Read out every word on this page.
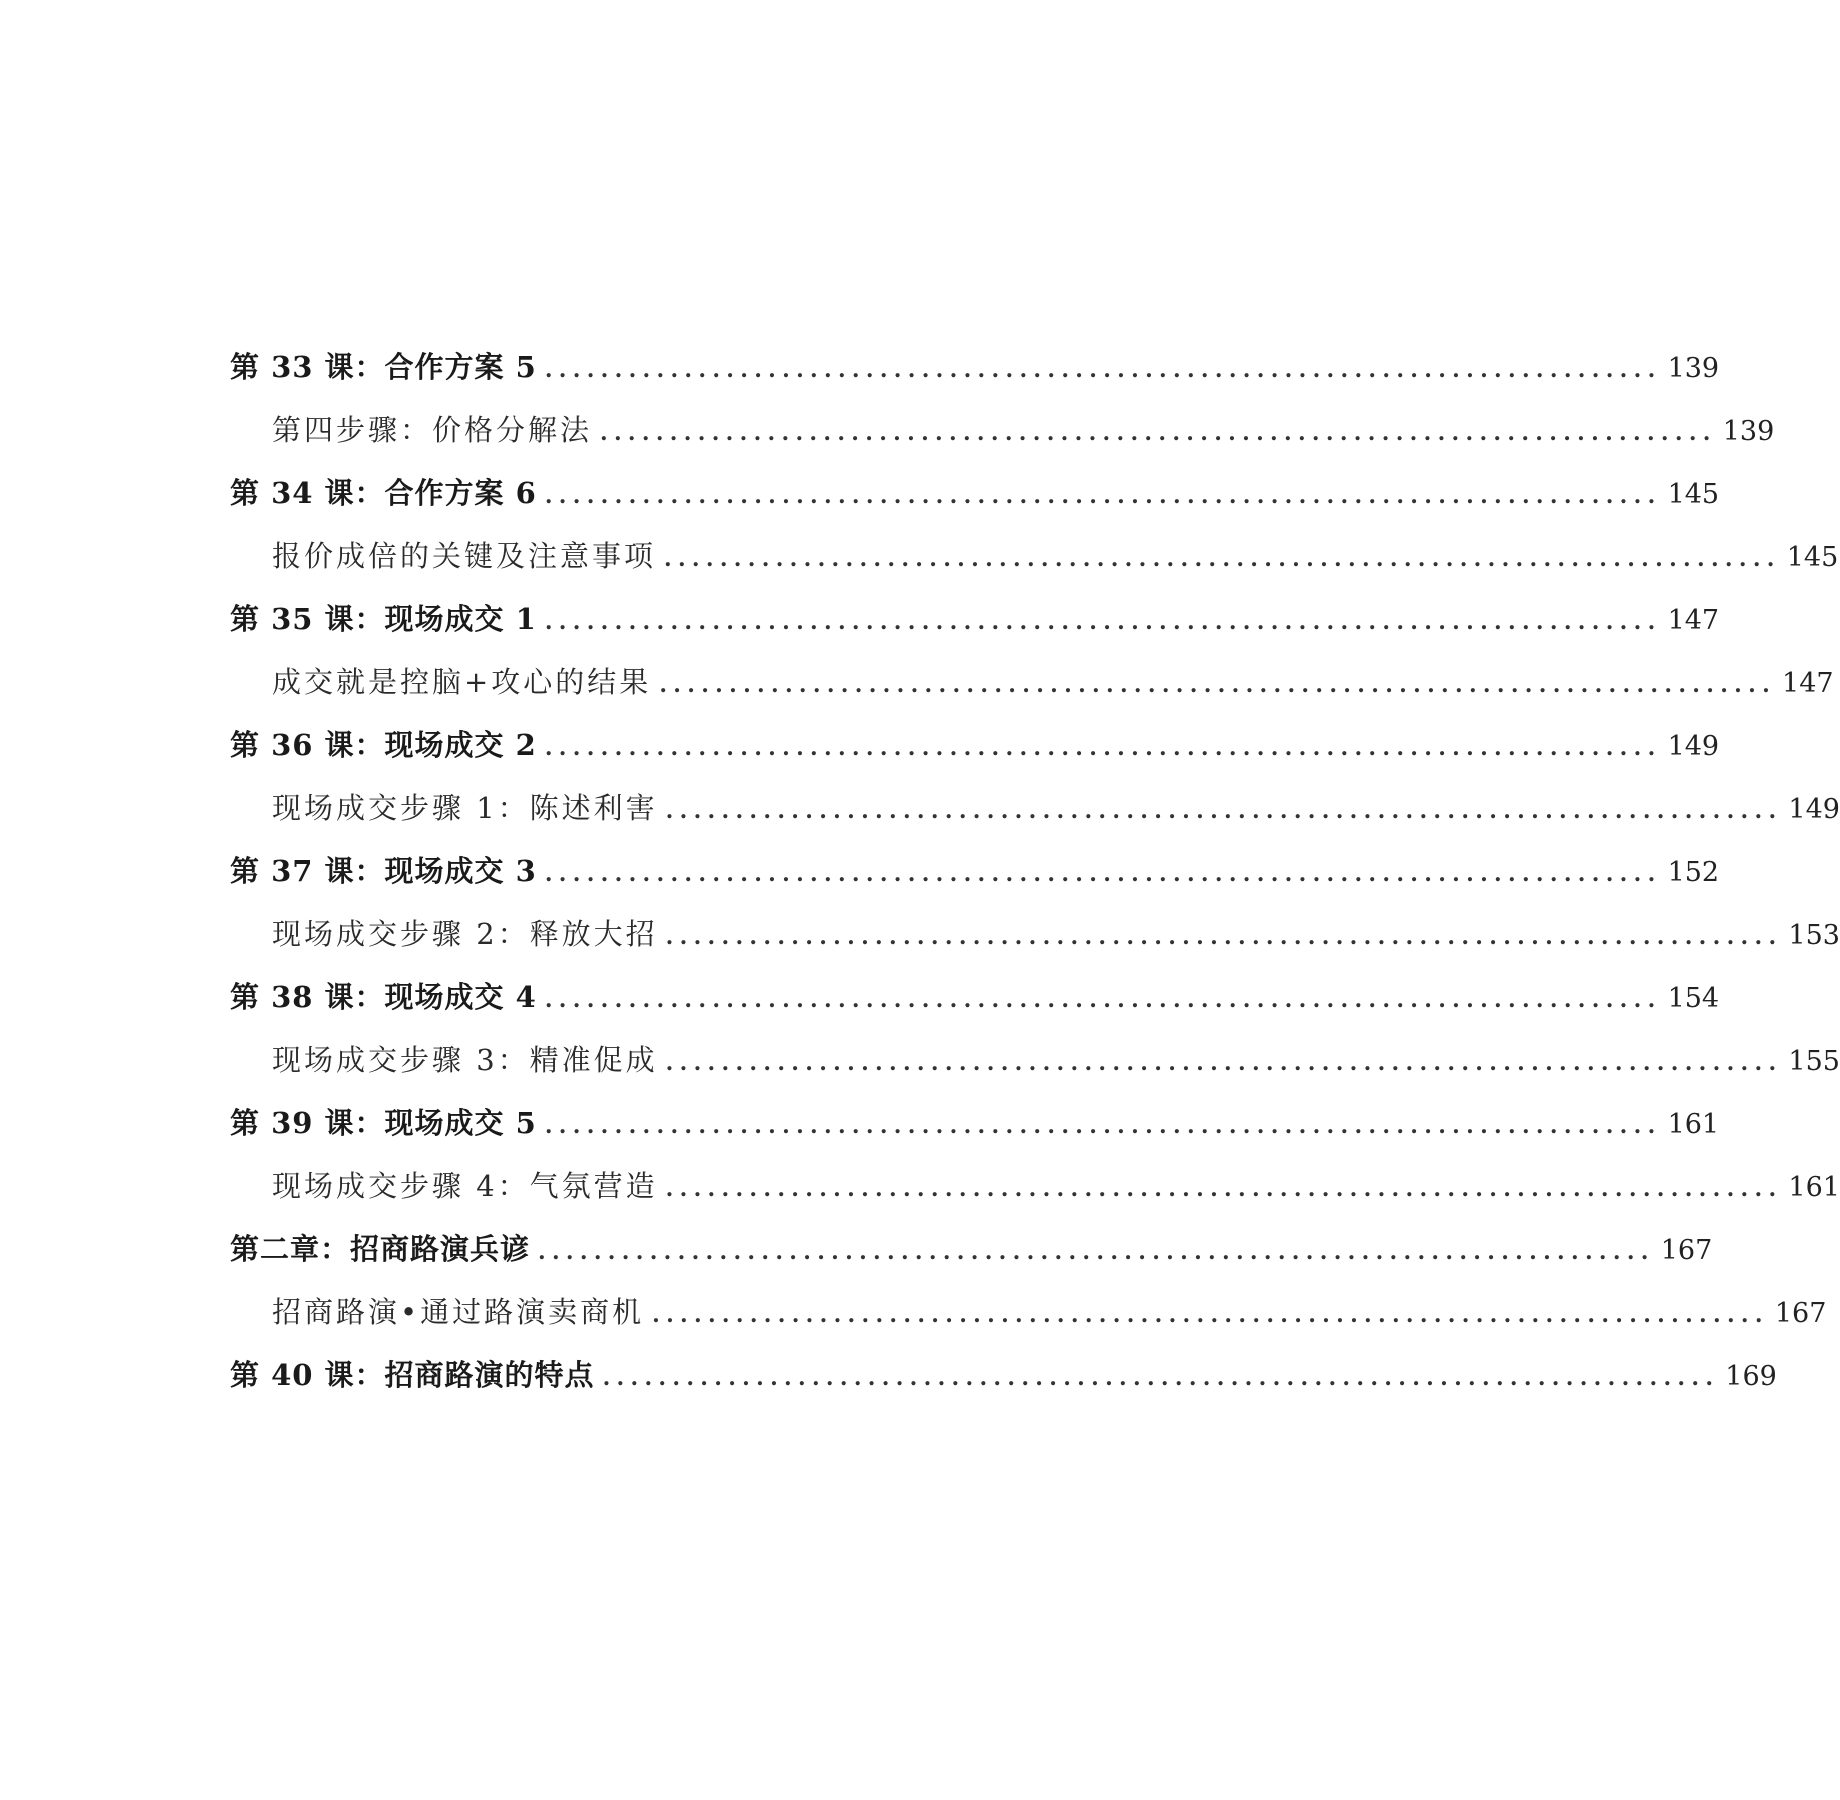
第 33 课：合作方案 5 ................................................................................ 139
第四步骤：价格分解法 ................................................................................ 139
第 34 课：合作方案 6 ................................................................................ 145
报价成倍的关键及注意事项 ................................................................................ 145
第 35 课：现场成交 1 ................................................................................ 147
成交就是控脑+攻心的结果 ................................................................................ 147
第 36 课：现场成交 2 ................................................................................ 149
现场成交步骤 1：陈述利害 ................................................................................ 149
第 37 课：现场成交 3 ................................................................................ 152
现场成交步骤 2：释放大招 ................................................................................ 153
第 38 课：现场成交 4 ................................................................................ 154
现场成交步骤 3：精准促成 ................................................................................ 155
第 39 课：现场成交 5 ................................................................................ 161
现场成交步骤 4：气氛营造 ................................................................................ 161
第二章：招商路演兵谚 ................................................................................ 167
招商路演•通过路演卖商机 ................................................................................ 167
第 40 课：招商路演的特点 ................................................................................ 169
